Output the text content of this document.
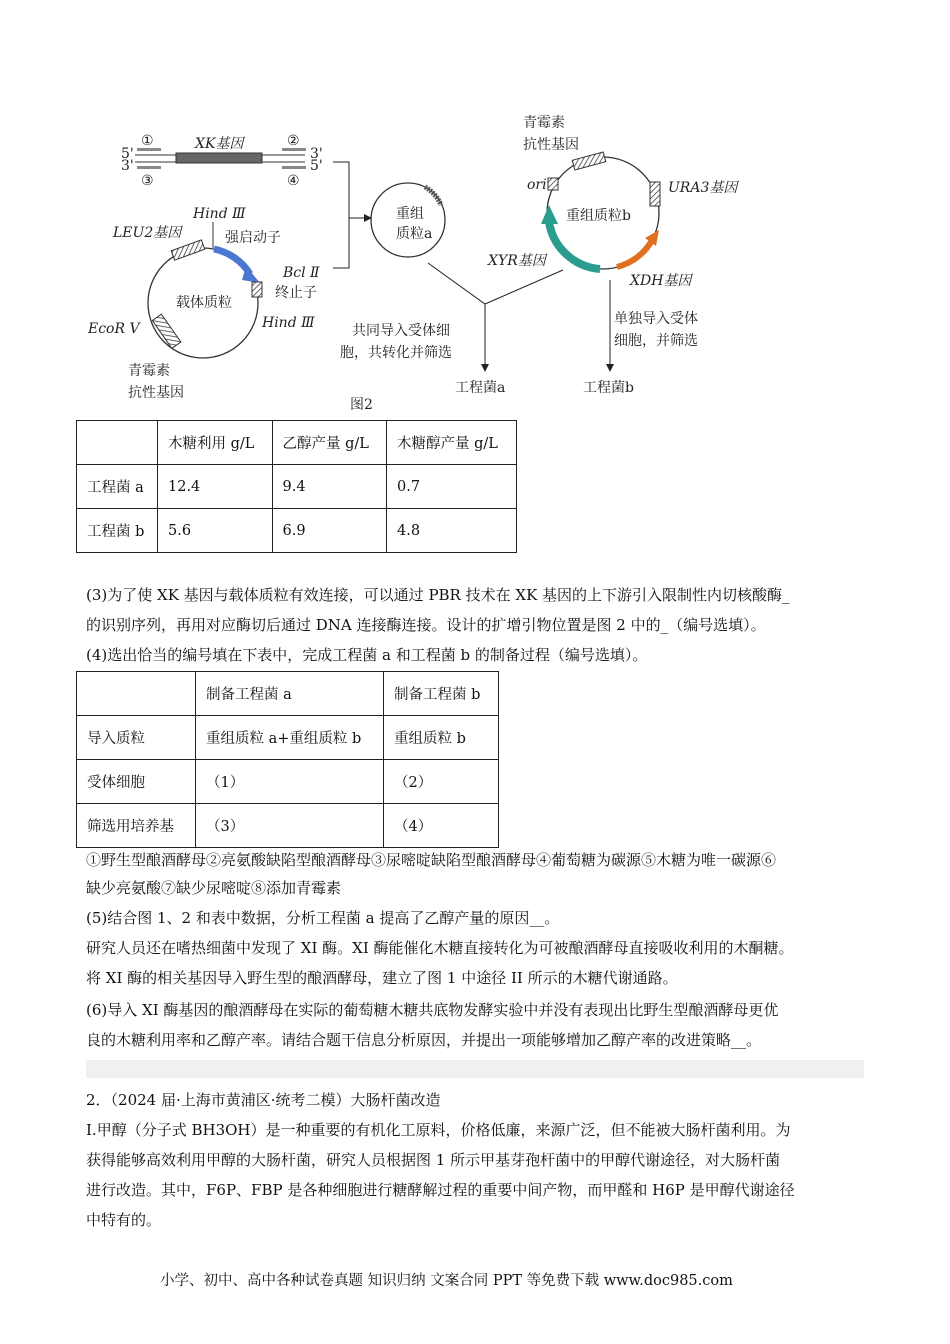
5'
3'
3'
5'
①	②
③	④
XK基因
Hind Ⅲ
LEU2基因	强启动子
Bcl Ⅱ
终止子
载体质粒
Hind Ⅲ
EcoR Ⅴ
青霉素
抗性基因
重组
质粒a
共同导入受体细
胞，共转化并筛选
工程菌a
图2
青霉素
抗性基因
ori	URA3基因
重组质粒b
XYR基因
XDH基因
单独导入受体
细胞，并筛选
工程菌b
	木糖利用 g/L	乙醇产量 g/L	木糖醇产量 g/L
工程菌 a	12.4	9.4	0.7
工程菌 b	5.6	6.9	4.8
(3)为了使 XK 基因与载体质粒有效连接，可以通过 PBR 技术在 XK 基因的上下游引入限制性内切核酸酶_
的识别序列，再用对应酶切后通过 DNA 连接酶连接。设计的扩增引物位置是图 2 中的_（编号选填）。
(4)选出恰当的编号填在下表中，完成工程菌 a 和工程菌 b 的制备过程（编号选填）。
	制备工程菌 a	制备工程菌 b
导入质粒	重组质粒 a+重组质粒 b	重组质粒 b
受体细胞	（1）	（2）
筛选用培养基	（3）	（4）
①野生型酿酒酵母②亮氨酸缺陷型酿酒酵母③尿嘧啶缺陷型酿酒酵母④葡萄糖为碳源⑤木糖为唯一碳源⑥
缺少亮氨酸⑦缺少尿嘧啶⑧添加青霉素
(5)结合图 1、2 和表中数据，分析工程菌 a 提高了乙醇产量的原因__。
研究人员还在嗜热细菌中发现了 XI 酶。XI 酶能催化木糖直接转化为可被酿酒酵母直接吸收利用的木酮糖。
将 XI 酶的相关基因导入野生型的酿酒酵母，建立了图 1 中途径 II 所示的木糖代谢通路。
(6)导入 XI 酶基因的酿酒酵母在实际的葡萄糖木糖共底物发酵实验中并没有表现出比野生型酿酒酵母更优
良的木糖利用率和乙醇产率。请结合题干信息分析原因，并提出一项能够增加乙醇产率的改进策略__。
2．（2024 届·上海市黄浦区·统考二模）大肠杆菌改造
I.甲醇（分子式 BH3OH）是一种重要的有机化工原料，价格低廉，来源广泛，但不能被大肠杆菌利用。为
获得能够高效利用甲醇的大肠杆菌，研究人员根据图 1 所示甲基芽孢杆菌中的甲醇代谢途径，对大肠杆菌
进行改造。其中，F6P、FBP 是各种细胞进行糖酵解过程的重要中间产物，而甲醛和 H6P 是甲醇代谢途径
中特有的。
小学、初中、高中各种试卷真题 知识归纳 文案合同 PPT 等免费下载 www.doc985.com
